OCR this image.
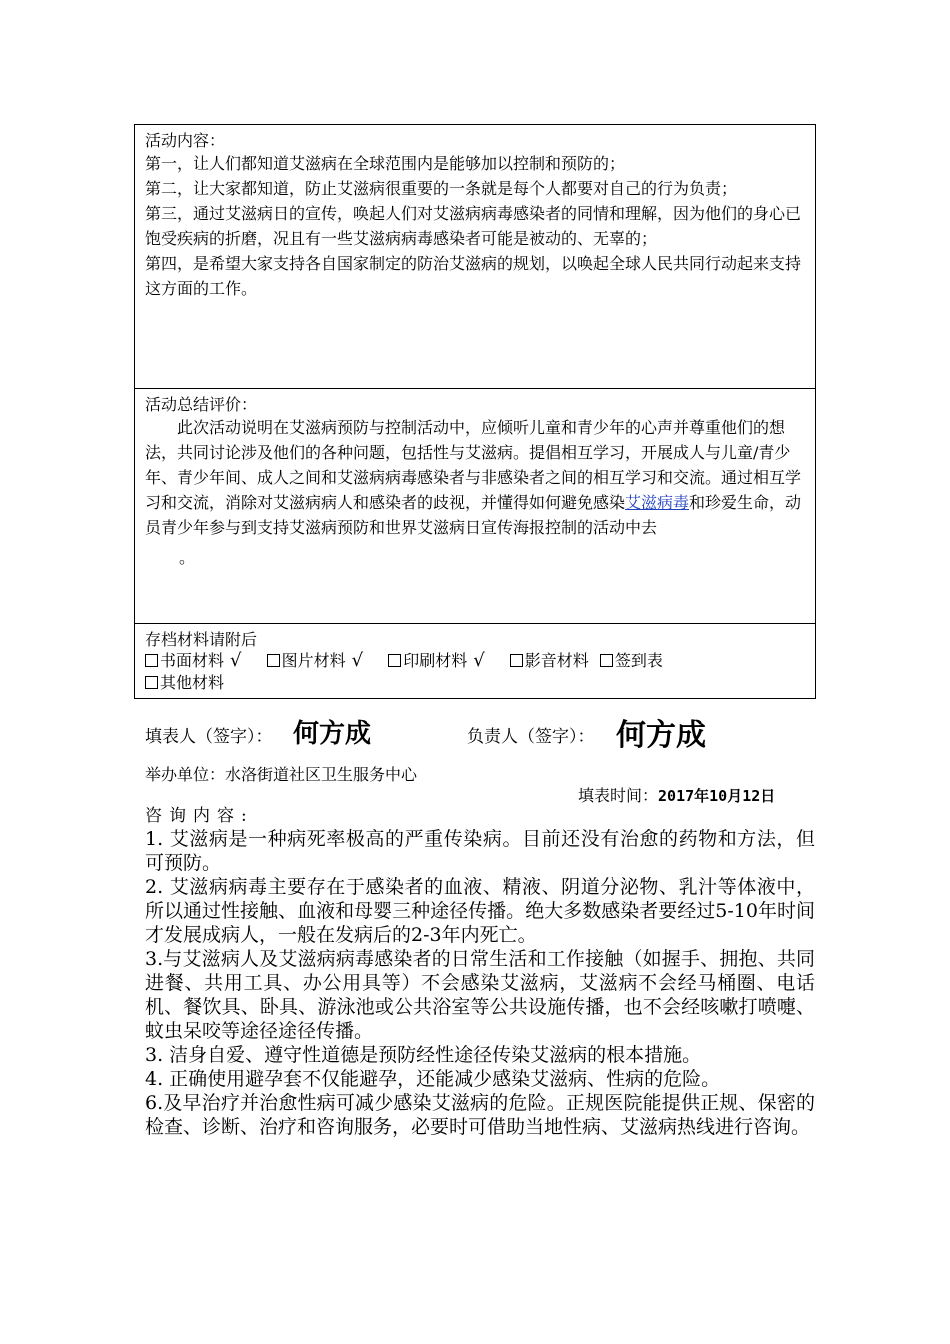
活动内容：

第一，让人们都知道艾滋病在全球范围内是能够加以控制和预防的；

第二，让大家都知道，防止艾滋病很重要的一条就是每个人都要对自己的行为负责；

第三，通过艾滋病日的宣传，唤起人们对艾滋病病毒感染者的同情和理解，因为他们的身心已饱受疾病的折磨，况且有一些艾滋病病毒感染者可能是被动的、无辜的；

第四，是希望大家支持各自国家制定的防治艾滋病的规划，以唤起全球人民共同行动起来支持这方面的工作。

活动总结评价：

此次活动说明在艾滋病预防与控制活动中，应倾听儿童和青少年的心声并尊重他们的想法，共同讨论涉及他们的各种问题，包括性与艾滋病。提倡相互学习，开展成人与儿童/青少年、青少年间、成人之间和艾滋病病毒感染者与非感染者之间的相互学习和交流。通过相互学习和交流，消除对艾滋病病人和感染者的歧视，并懂得如何避免感染艾滋病毒和珍爱生命，动员青少年参与到支持艾滋病预防和世界艾滋病日宣传海报控制的活动中去

。

存档材料请附后
书面材料 √	图片材料 √	印刷材料 √	影音材料 签到表
其他材料
填表人（签字）： 何方成	负责人（签字）： 何方成
举办单位：水洛街道社区卫生服务中心
填表时间：2017年10月12日
咨询内容:

1. 艾滋病是一种病死率极高的严重传染病。目前还没有治愈的药物和方法，但可预防。

2. 艾滋病病毒主要存在于感染者的血液、精液、阴道分泌物、乳汁等体液中，所以通过性接触、血液和母婴三种途径传播。绝大多数感染者要经过5-10年时间才发展成病人，一般在发病后的2-3年内死亡。

3.与艾滋病人及艾滋病病毒感染者的日常生活和工作接触（如握手、拥抱、共同进餐、共用工具、办公用具等）不会感染艾滋病，艾滋病不会经马桶圈、电话机、餐饮具、卧具、游泳池或公共浴室等公共设施传播，也不会经咳嗽打喷嚏、蚊虫呆咬等途径途径传播。

3. 洁身自爱、遵守性道德是预防经性途径传染艾滋病的根本措施。

4. 正确使用避孕套不仅能避孕，还能减少感染艾滋病、性病的危险。

6.及早治疗并治愈性病可减少感染艾滋病的危险。正规医院能提供正规、保密的检查、诊断、治疗和咨询服务，必要时可借助当地性病、艾滋病热线进行咨询。
